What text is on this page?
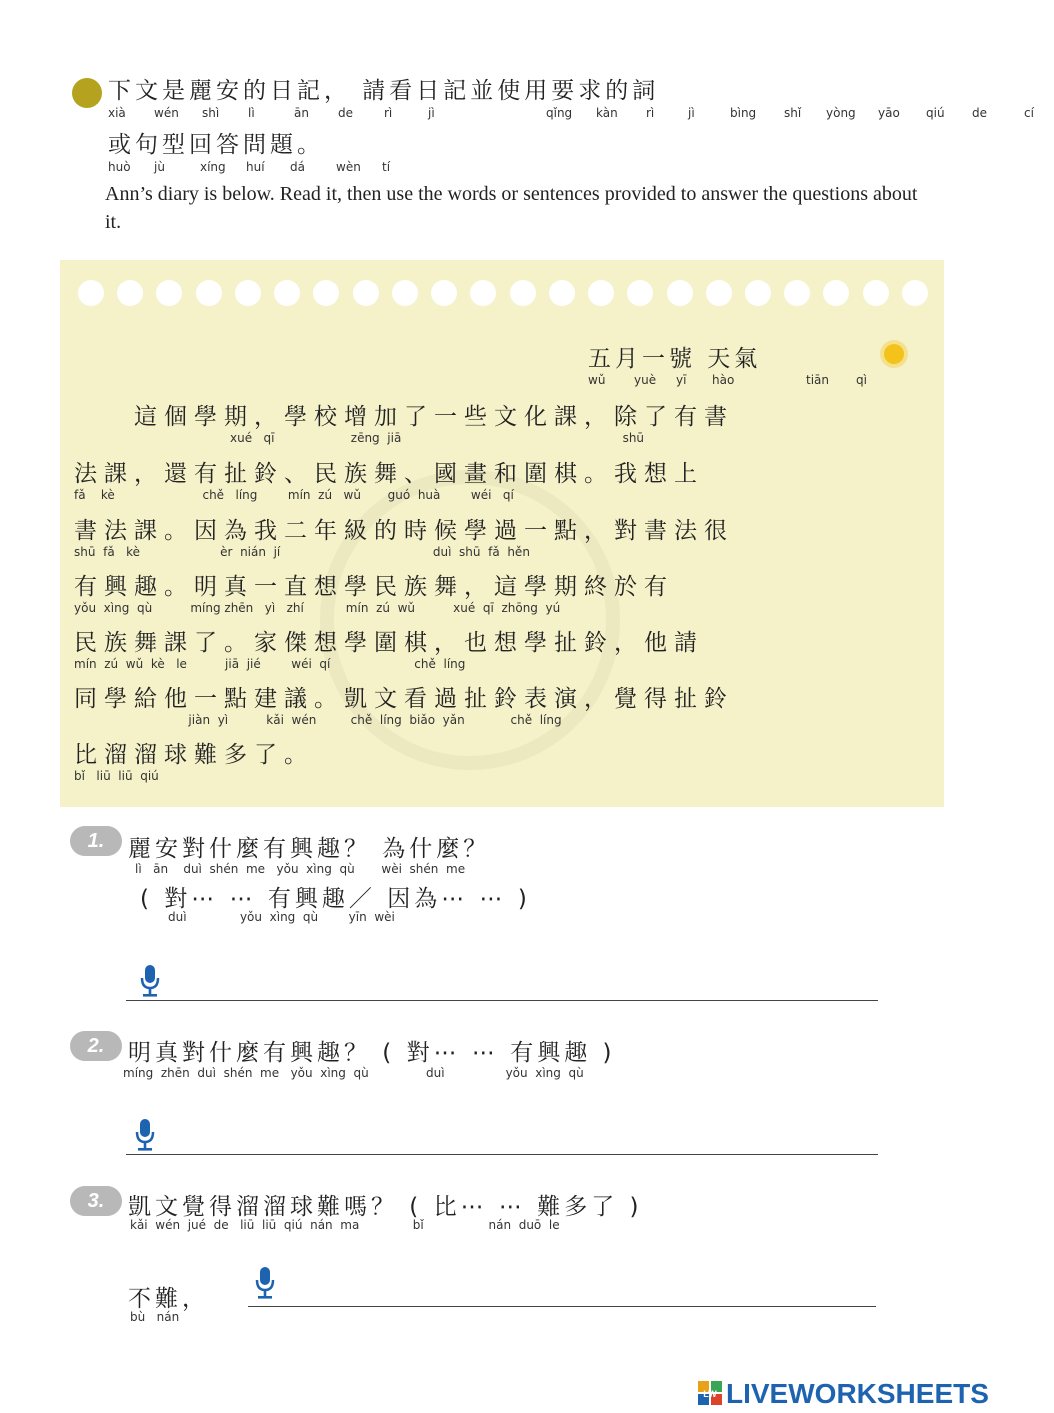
下文是麗安的日記， 請看日記並使用要求的詞
xià wén shì lì	ān de	rì	jì	qǐng kàn rì	jì	bìng shǐ yòng yāo qiú de	cí
或句型回答問題。
huò jù	xíng huí dá	wèn tí
Ann’s diary is below. Read it, then use the words or sentences provided to answer the questions about it.
五月一號 天氣
wǔ yuè yī hào	tiān qì
　　這個學期，學校增加了一些文化課，除了有書
xué   qī                    zēng  jiā                                                          shū
法課，還有扯鈴、民族舞、國畫和圍棋。我想上
fǎ    kè                       chě   líng        mín  zú   wǔ       guó  huà        wéi   qí
書法課。因為我二年級的時候學過一點，對書法很
shū  fǎ   kè                     èr  nián  jí                                        duì  shū  fǎ  hěn
有興趣。明真一直想學民族舞，這學期終於有
yǒu  xìng  qù          míng zhēn   yì   zhí           mín  zú  wǔ          xué  qī  zhōng  yú
民族舞課了。家傑想學圍棋，也想學扯鈴，他請
mín  zú  wǔ  kè   le          jiā  jié        wéi  qí                      chě  líng
同學給他一點建議。凱文看過扯鈴表演，覺得扯鈴
jiàn  yì          kǎi  wén         chě  líng  biǎo  yǎn            chě  líng
比溜溜球難多了。
bǐ   liū  liū  qiú
1.	麗安對什麼有興趣？ 為什麼？
lì   ān    duì  shén  me   yǒu  xìng  qù       wèi  shén  me
( 對⋯ ⋯ 有興趣／ 因為⋯ ⋯ )
duì              yǒu  xìng  qù        yīn  wèi
2.	明真對什麼有興趣？ ( 對⋯ ⋯ 有興趣 )
míng  zhēn  duì  shén  me   yǒu  xìng  qù               duì                yǒu  xìng  qù
3.	凱文覺得溜溜球難嗎？ ( 比⋯ ⋯ 難多了 )
kǎi  wén  jué  de   liū  liū  qiú  nán  ma              bǐ                 nán  duō  le
不難，
bù   nán
LW LIVEWORKSHEETS
